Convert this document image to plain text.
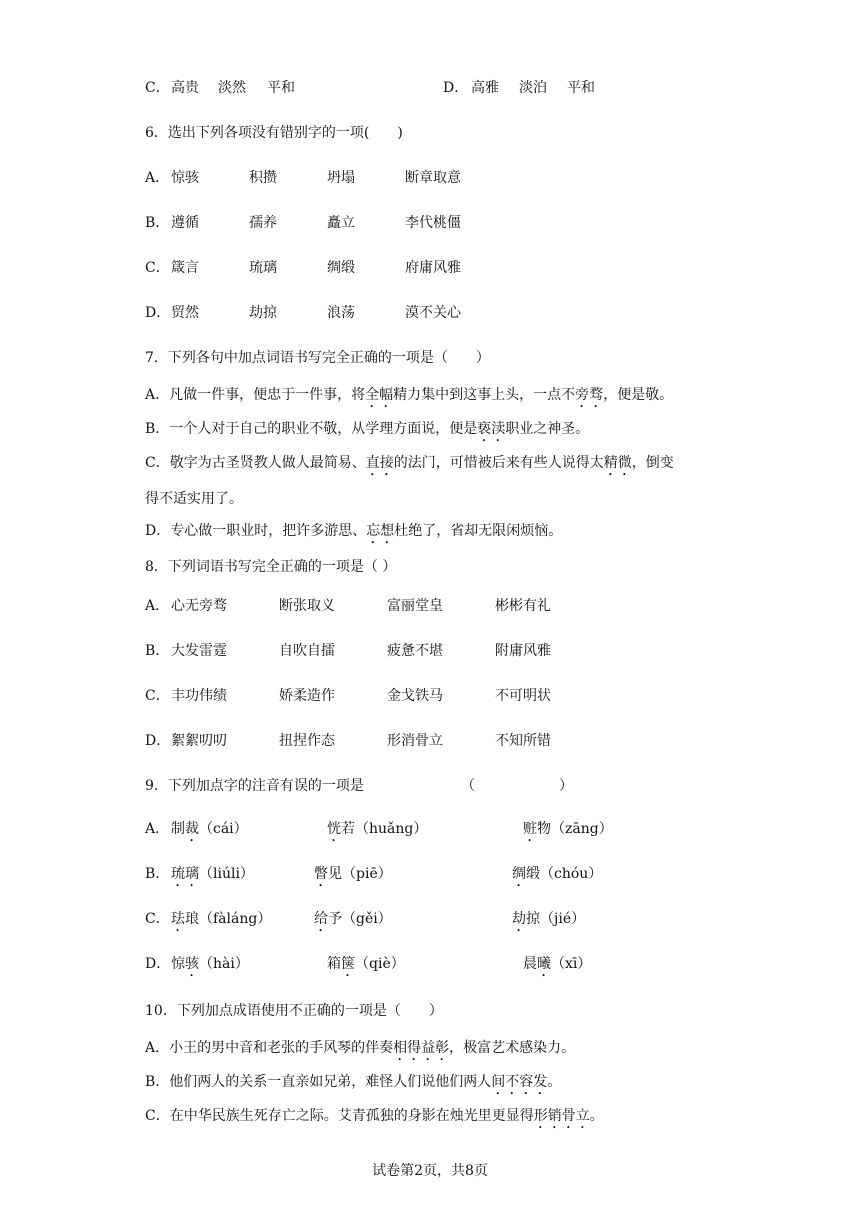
C． 高贵 淡然 平和	D． 高雅 淡泊 平和
6．选出下列各项没有错别字的一项(　　)
A． 惊骇	积攒	坍塌	断章取意
B． 遵循	孺养	矗立	李代桃僵
C． 箴言	琉璃	绸缎	府庸风雅
D． 贸然	劫掠	浪荡	漠不关心
7．下列各句中加点词语书写完全正确的一项是（　　）
A．凡做一件事，便忠于一件事，将全幅精力集中到这事上头，一点不旁骛，便是敬。
B．一个人对于自己的职业不敬，从学理方面说，便是亵渎职业之神圣。
C．敬字为古圣贤教人做人最简易、直接的法门，可惜被后来有些人说得太精微，倒变
得不适实用了。
D．专心做一职业时，把许多游思、忘想杜绝了，省却无限闲烦恼。
8．下列词语书写完全正确的一项是（ ）
A． 心无旁骛	断张取义	富丽堂皇	彬彬有礼
B． 大发雷霆	自吹自擂	疲惫不堪	附庸风雅
C． 丰功伟绩	娇柔造作	金戈铁马	不可明状
D． 絮絮叨叨	扭捏作态	形消骨立	不知所错
9．下列加点字的注音有误的一项是	（　　　　　　）
A． 制裁（cái）	恍若（huǎng）	赃物（zāng）
B． 琉璃（liúli）	瞥见（piē）	绸缎（chóu）
C． 珐琅（fàláng）	给予（gěi）	劫掠（jié）
D． 惊骇（hài）	箱箧（qiè）	晨曦（xī）
10．下列加点成语使用不正确的一项是（　　）
A．小王的男中音和老张的手风琴的伴奏相得益彰，极富艺术感染力。
B．他们两人的关系一直亲如兄弟，难怪人们说他们两人间不容发。
C．在中华民族生死存亡之际。艾青孤独的身影在烛光里更显得形销骨立。
试卷第2页，共8页
